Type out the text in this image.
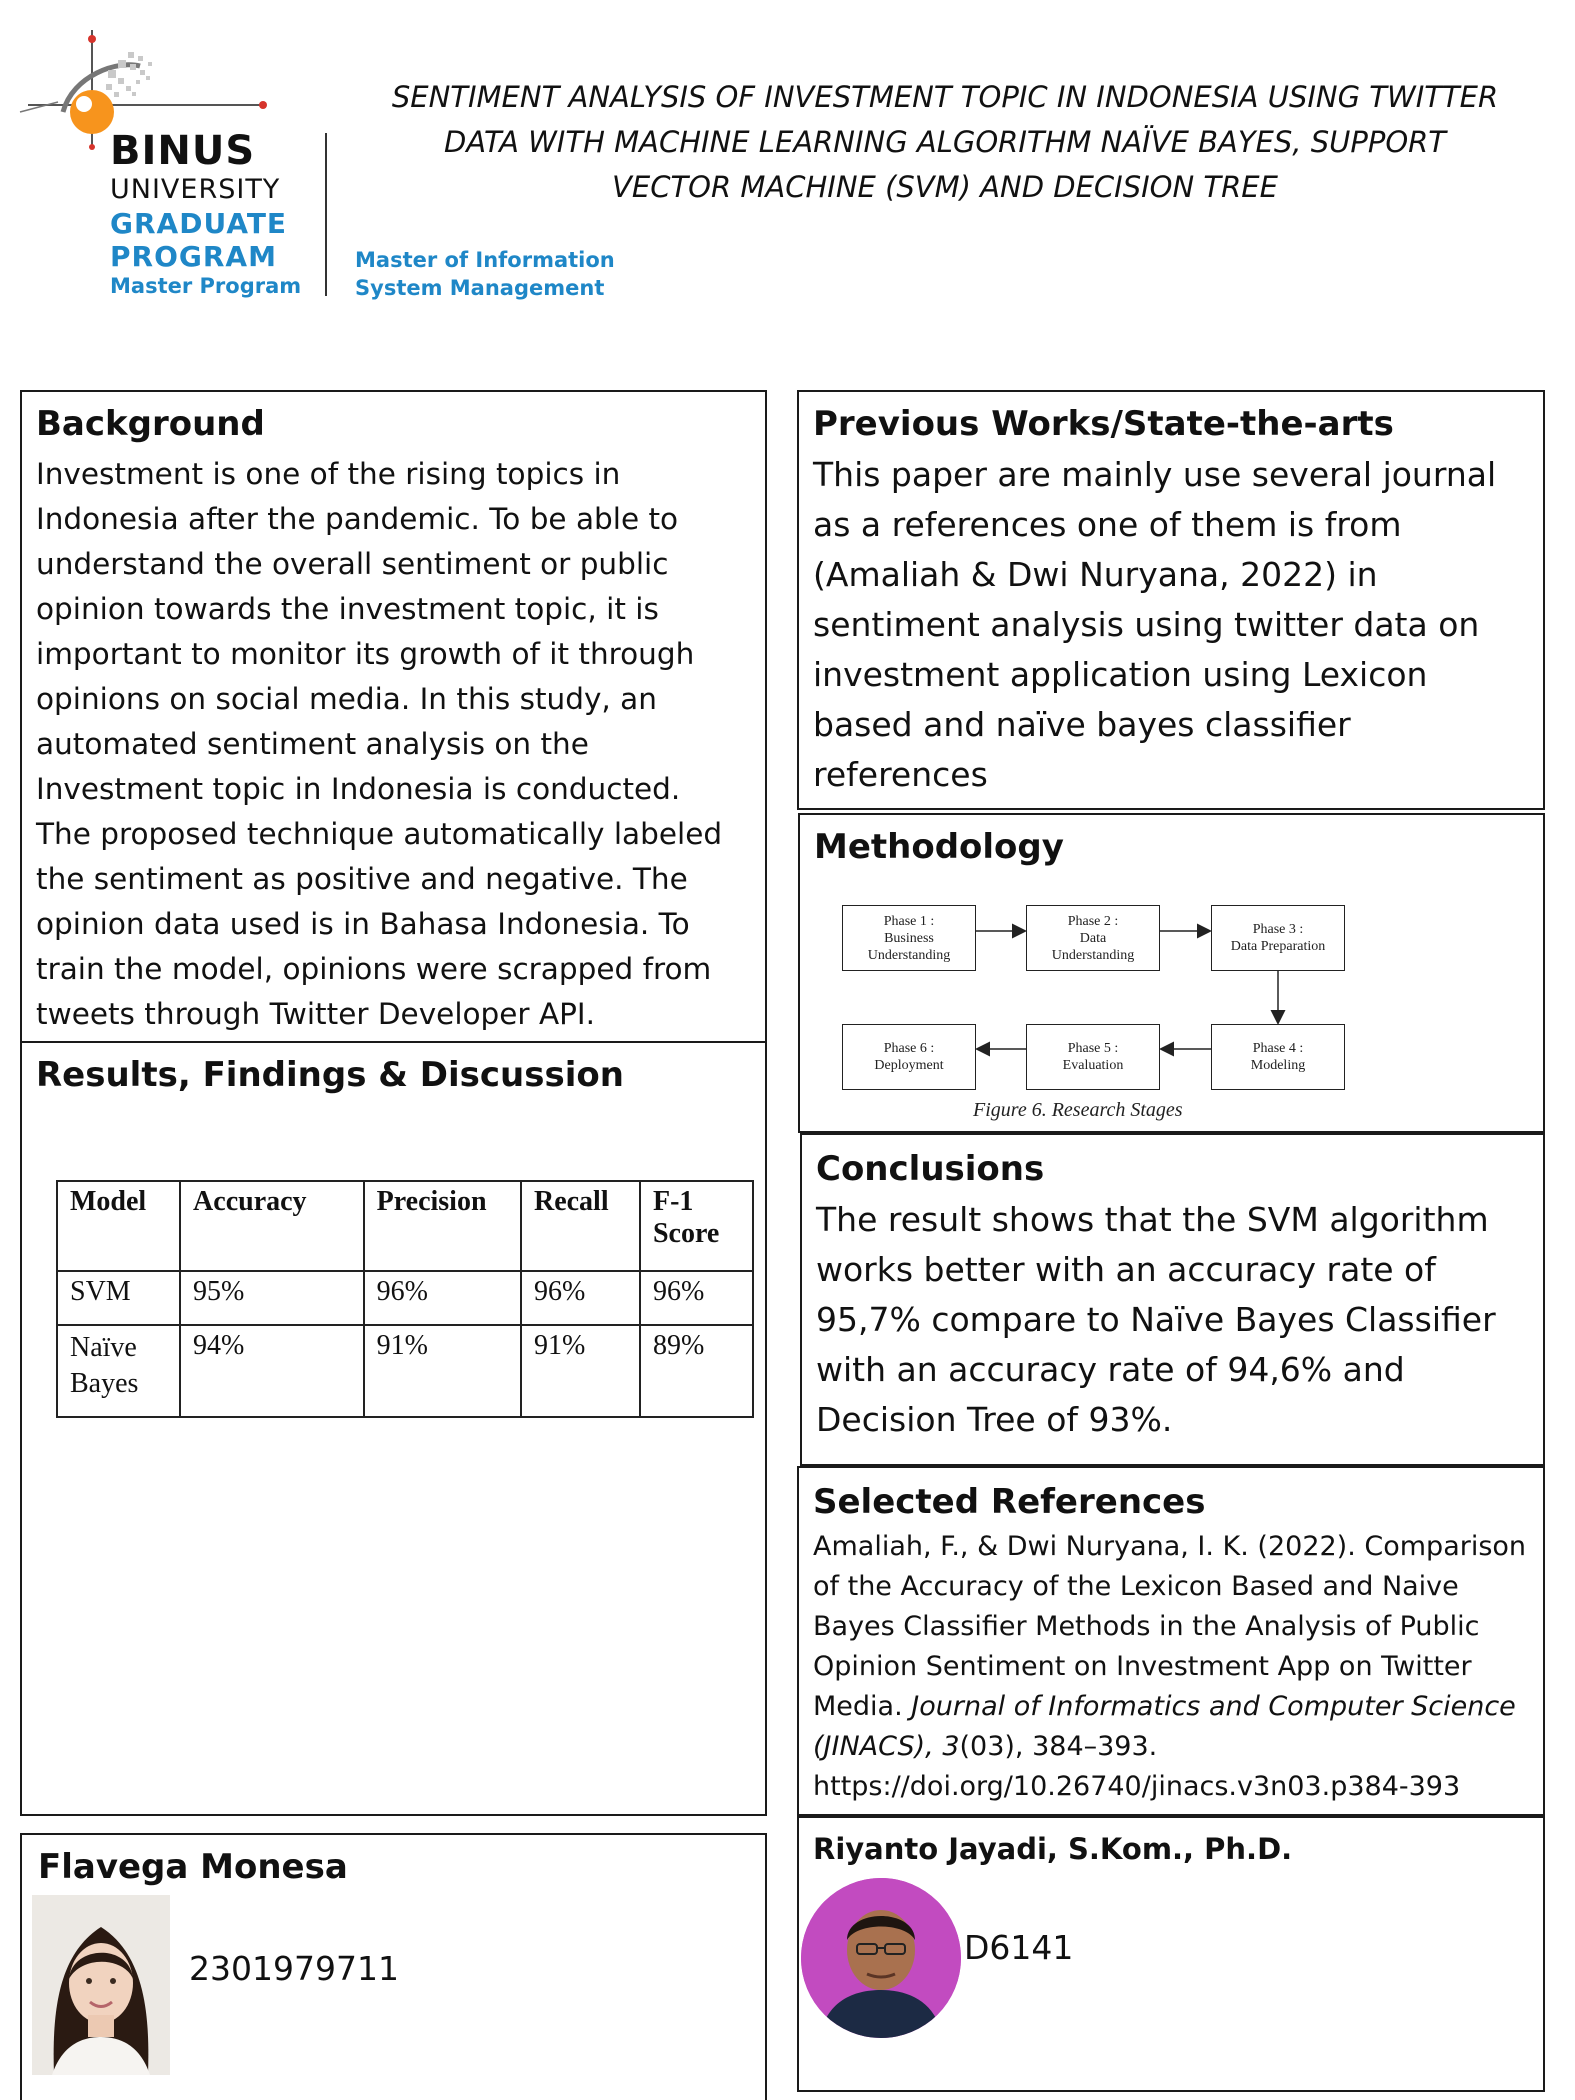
BINUS
UNIVERSITY
GRADUATE
PROGRAM
Master Program
Master of Information
System Management
SENTIMENT ANALYSIS OF INVESTMENT TOPIC IN INDONESIA USING TWITTER
DATA WITH MACHINE LEARNING ALGORITHM NAÏVE BAYES, SUPPORT
VECTOR MACHINE (SVM) AND DECISION TREE
Background
Investment is one of the rising topics in
Indonesia after the pandemic. To be able to
understand the overall sentiment or public
opinion towards the investment topic, it is
important to monitor its growth of it through
opinions on social media. In this study, an
automated sentiment analysis on the
Investment topic in Indonesia is conducted.
The proposed technique automatically labeled
the sentiment as positive and negative. The
opinion data used is in Bahasa Indonesia. To
train the model, opinions were scrapped from
tweets through Twitter Developer API.
Results, Findings & Discussion
Model	Accuracy	Precision	Recall	F-1
Score
SVM	95%	96%	96%	96%
Naïve
Bayes	94%	91%	91%	89%
Previous Works/State-the-arts
This paper are mainly use several journal
as a references one of them is from
(Amaliah & Dwi Nuryana, 2022) in
sentiment analysis using twitter data on
investment application using Lexicon
based and naïve bayes classifier
references
Methodology
Phase 1 :
Business
Understanding
Phase 2 :
Data
Understanding
Phase 3 :
Data Preparation
Phase 4 :
Modeling
Phase 5 :
Evaluation
Phase 6 :
Deployment
Figure 6. Research Stages
Conclusions
The result shows that the SVM algorithm
works better with an accuracy rate of
95,7% compare to Naïve Bayes Classifier
with an accuracy rate of 94,6% and
Decision Tree of 93%.
Selected References
Amaliah, F., & Dwi Nuryana, I. K. (2022). Comparison
of the Accuracy of the Lexicon Based and Naive
Bayes Classifier Methods in the Analysis of Public
Opinion Sentiment on Investment App on Twitter
Media. Journal of Informatics and Computer Science
(JINACS), 3(03), 384–393.
https://doi.org/10.26740/jinacs.v3n03.p384-393
Flavega Monesa
2301979711
Riyanto Jayadi, S.Kom., Ph.D.
D6141
